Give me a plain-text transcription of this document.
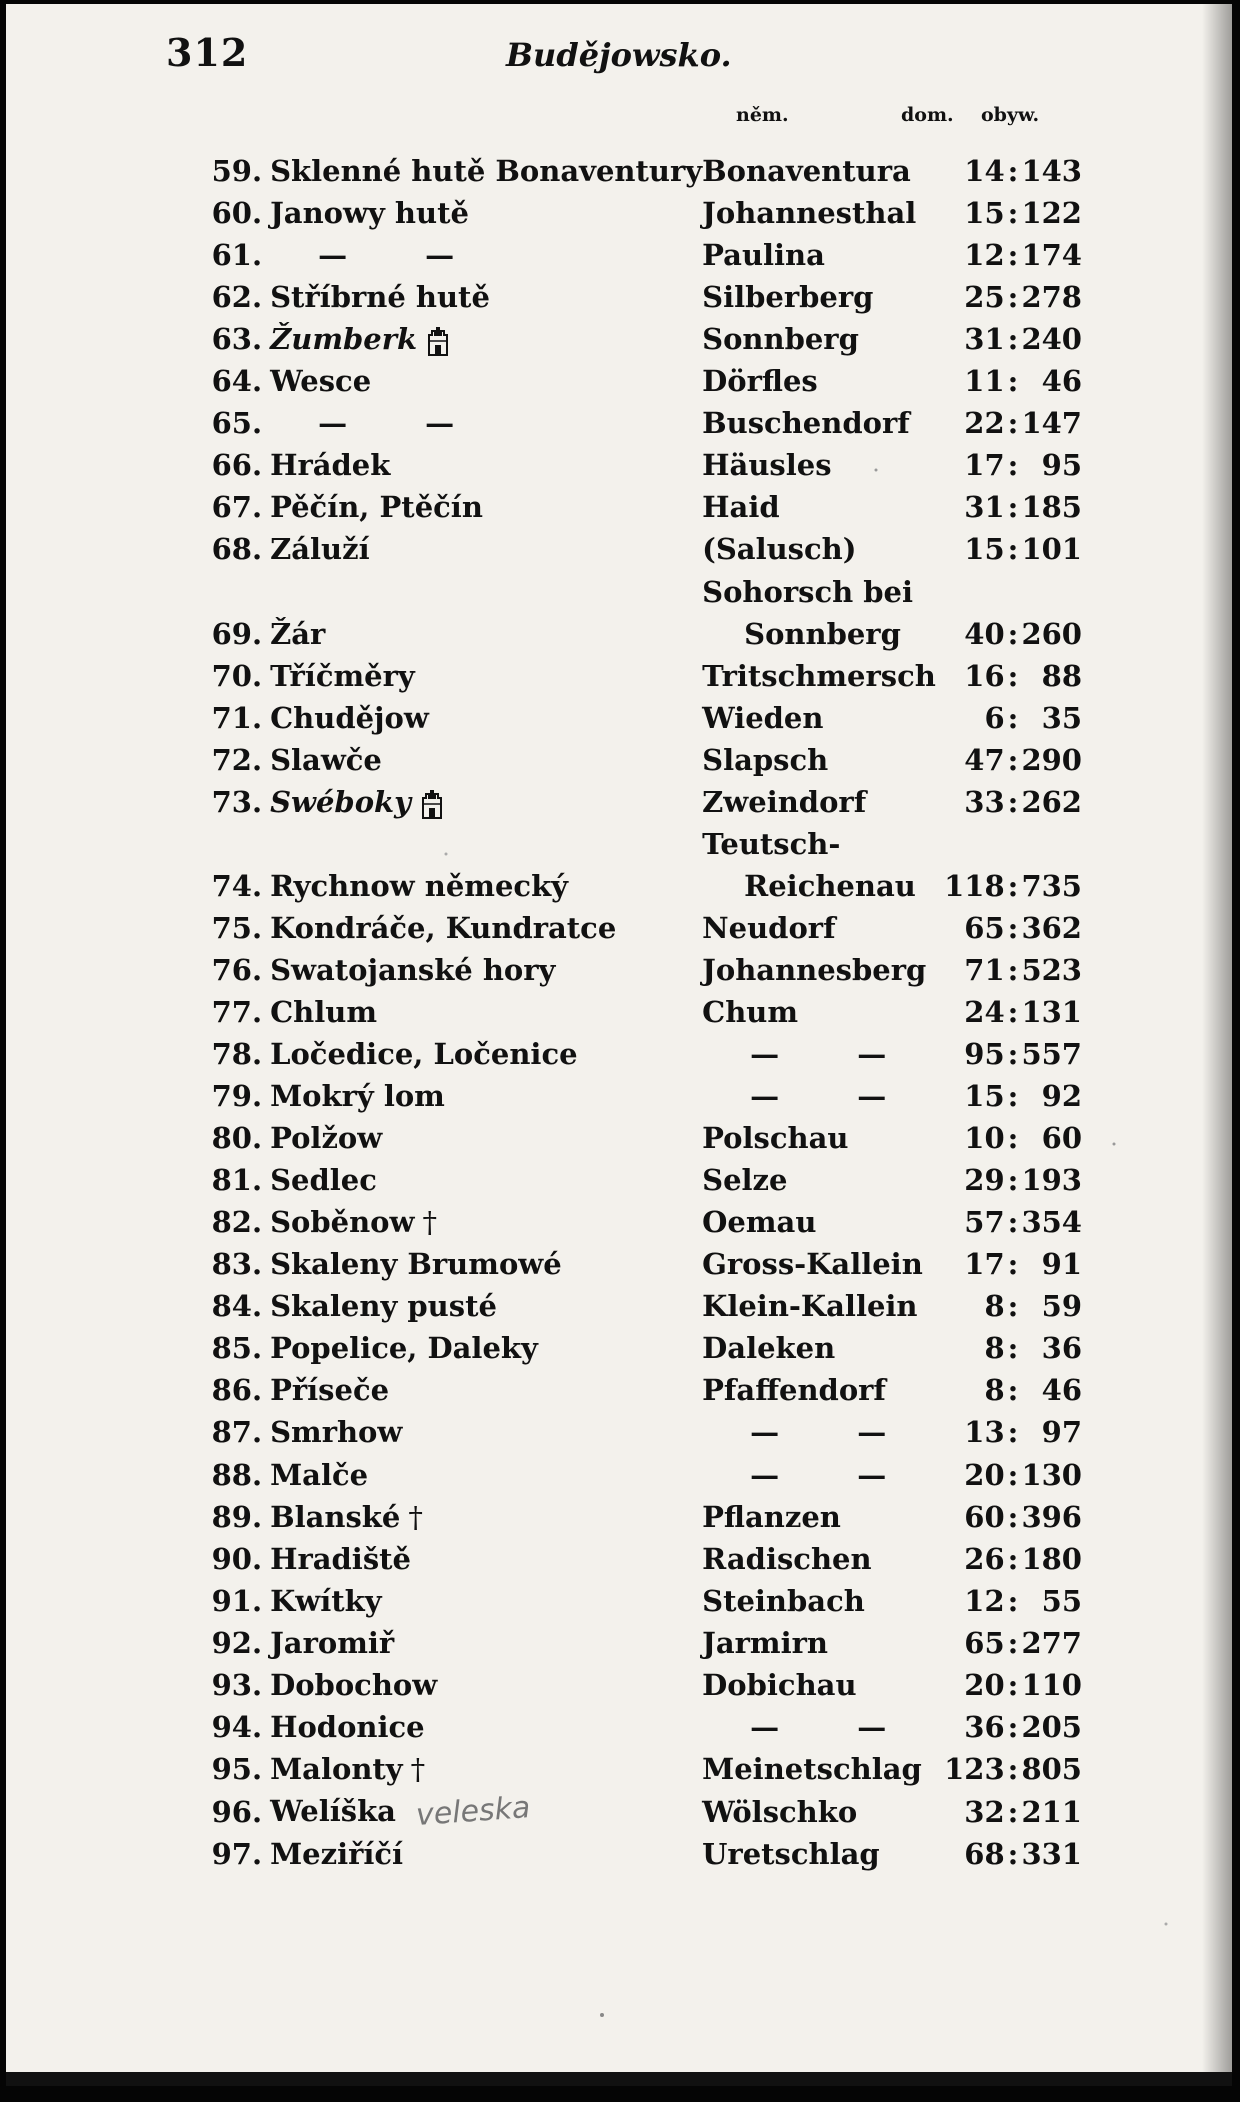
312	Budějowsko.
něm.	dom. obyw.
59.	Sklenné hutě Bonaventury	Bonaventura	14	:	143
60.	Janowy hutě	Johannesthal	15	:	122
61.	— —	Paulina	12	:	174
62.	Stříbrné hutě	Silberberg	25	:	278
63.	Žumberk	Sonnberg	31	:	240
64.	Wesce	Dörfles	11	:	46
65.	— —	Buschendorf	22	:	147
66.	Hrádek	Häusles	17	:	95
67.	Pěčín, Ptěčín	Haid	31	:	185
68.	Záluží	(Salusch)	15	:	101
		Sohorsch bei			
69.	Žár	Sonnberg	40	:	260
70.	Tříčměry	Tritschmersch	16	:	88
71.	Chudějow	Wieden	6	:	35
72.	Slawče	Slapsch	47	:	290
73.	Swéboky	Zweindorf	33	:	262
		Teutsch-			
74.	Rychnow německý	Reichenau	118	:	735
75.	Kondráče, Kundratce	Neudorf	65	:	362
76.	Swatojanské hory	Johannesberg	71	:	523
77.	Chlum	Chum	24	:	131
78.	Ločedice, Ločenice	— —	95	:	557
79.	Mokrý lom	— —	15	:	92
80.	Polžow	Polschau	10	:	60
81.	Sedlec	Selze	29	:	193
82.	Soběnow †	Oemau	57	:	354
83.	Skaleny Brumowé	Gross-Kallein	17	:	91
84.	Skaleny pusté	Klein-Kallein	8	:	59
85.	Popelice, Daleky	Daleken	8	:	36
86.	Příseče	Pfaffendorf	8	:	46
87.	Smrhow	— —	13	:	97
88.	Malče	— —	20	:	130
89.	Blanské †	Pflanzen	60	:	396
90.	Hradiště	Radischen	26	:	180
91.	Kwítky	Steinbach	12	:	55
92.	Jaromiř	Jarmirn	65	:	277
93.	Dobochow	Dobichau	20	:	110
94.	Hodonice	— —	36	:	205
95.	Malonty †	Meinetschlag	123	:	805
96.	Welíška veleska	Wölschko	32	:	211
97.	Meziříčí	Uretschlag	68	:	331
